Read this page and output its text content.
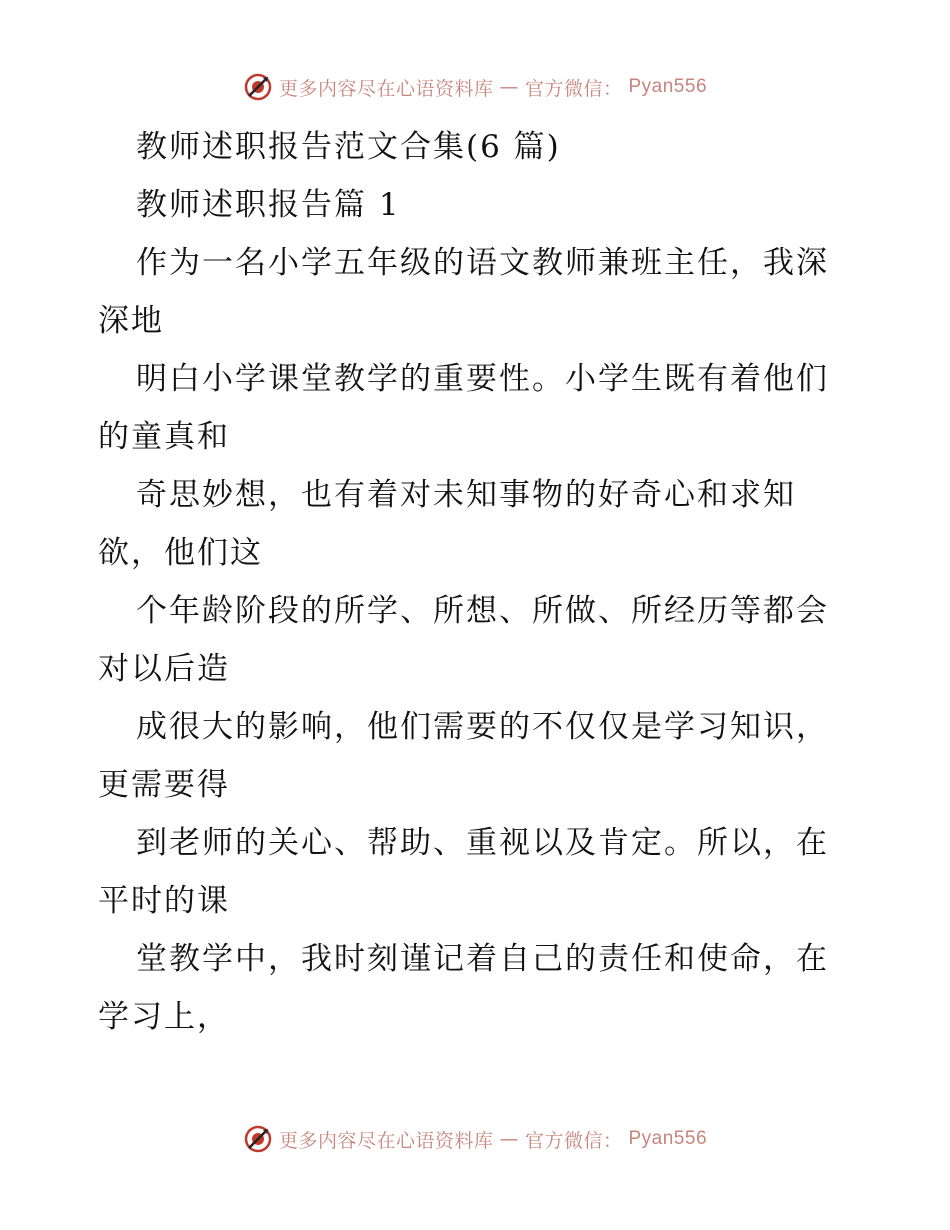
更多内容尽在心语资料库 — 官方微信： Pyan556
教师述职报告范文合集(6 篇)
教师述职报告篇 1
作为一名小学五年级的语文教师兼班主任，我深
深地
明白小学课堂教学的重要性。小学生既有着他们
的童真和
奇思妙想，也有着对未知事物的好奇心和求知
欲，他们这
个年龄阶段的所学、所想、所做、所经历等都会
对以后造
成很大的影响，他们需要的不仅仅是学习知识，
更需要得
到老师的关心、帮助、重视以及肯定。所以，在
平时的课
堂教学中，我时刻谨记着自己的责任和使命，在
学习上，
更多内容尽在心语资料库 — 官方微信： Pyan556
